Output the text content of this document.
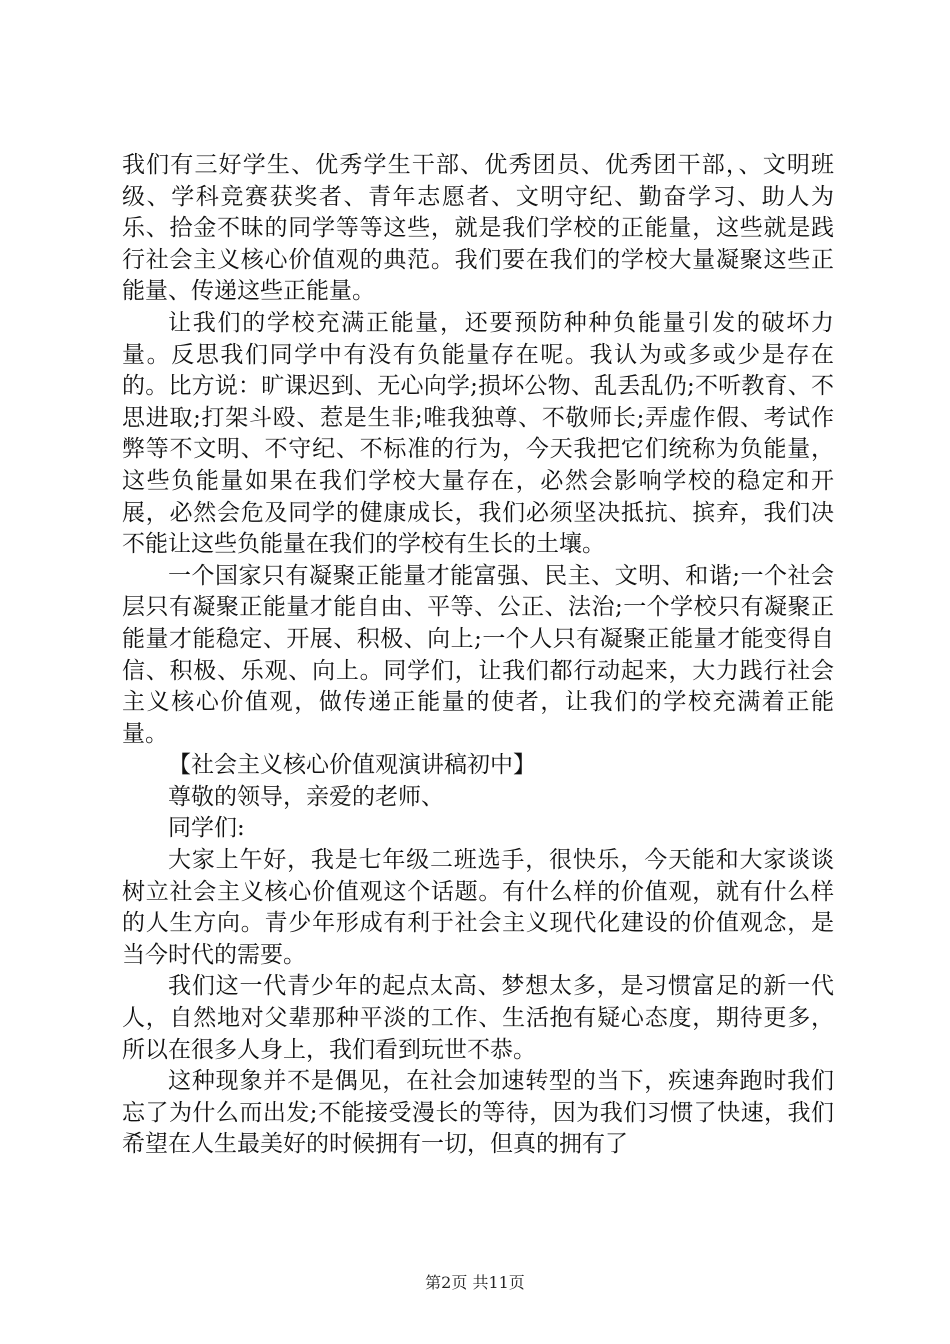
我们有三好学生、优秀学生干部、优秀团员、优秀团干部，、文明班级、学科竞赛获奖者、青年志愿者、文明守纪、勤奋学习、助人为乐、拾金不昧的同学等等这些，就是我们学校的正能量，这些就是践行社会主义核心价值观的典范。我们要在我们的学校大量凝聚这些正能量、传递这些正能量。

让我们的学校充满正能量，还要预防种种负能量引发的破坏力量。反思我们同学中有没有负能量存在呢。我认为或多或少是存在的。比方说：旷课迟到、无心向学;损坏公物、乱丢乱仍;不听教育、不思进取;打架斗殴、惹是生非;唯我独尊、不敬师长;弄虚作假、考试作弊等不文明、不守纪、不标准的行为，今天我把它们统称为负能量，这些负能量如果在我们学校大量存在，必然会影响学校的稳定和开展，必然会危及同学的健康成长，我们必须坚决抵抗、摈弃，我们决不能让这些负能量在我们的学校有生长的土壤。

一个国家只有凝聚正能量才能富强、民主、文明、和谐;一个社会层只有凝聚正能量才能自由、平等、公正、法治;一个学校只有凝聚正能量才能稳定、开展、积极、向上;一个人只有凝聚正能量才能变得自信、积极、乐观、向上。同学们，让我们都行动起来，大力践行社会主义核心价值观，做传递正能量的使者，让我们的学校充满着正能量。

【社会主义核心价值观演讲稿初中】

尊敬的领导，亲爱的老师、

同学们:

大家上午好，我是七年级二班选手，很快乐，今天能和大家谈谈树立社会主义核心价值观这个话题。有什么样的价值观，就有什么样的人生方向。青少年形成有利于社会主义现代化建设的价值观念，是当今时代的需要。

我们这一代青少年的起点太高、梦想太多，是习惯富足的新一代人，自然地对父辈那种平淡的工作、生活抱有疑心态度，期待更多，所以在很多人身上，我们看到玩世不恭。

这种现象并不是偶见，在社会加速转型的当下，疾速奔跑时我们忘了为什么而出发;不能接受漫长的等待，因为我们习惯了快速，我们希望在人生最美好的时候拥有一切，但真的拥有了

第2页 共11页
